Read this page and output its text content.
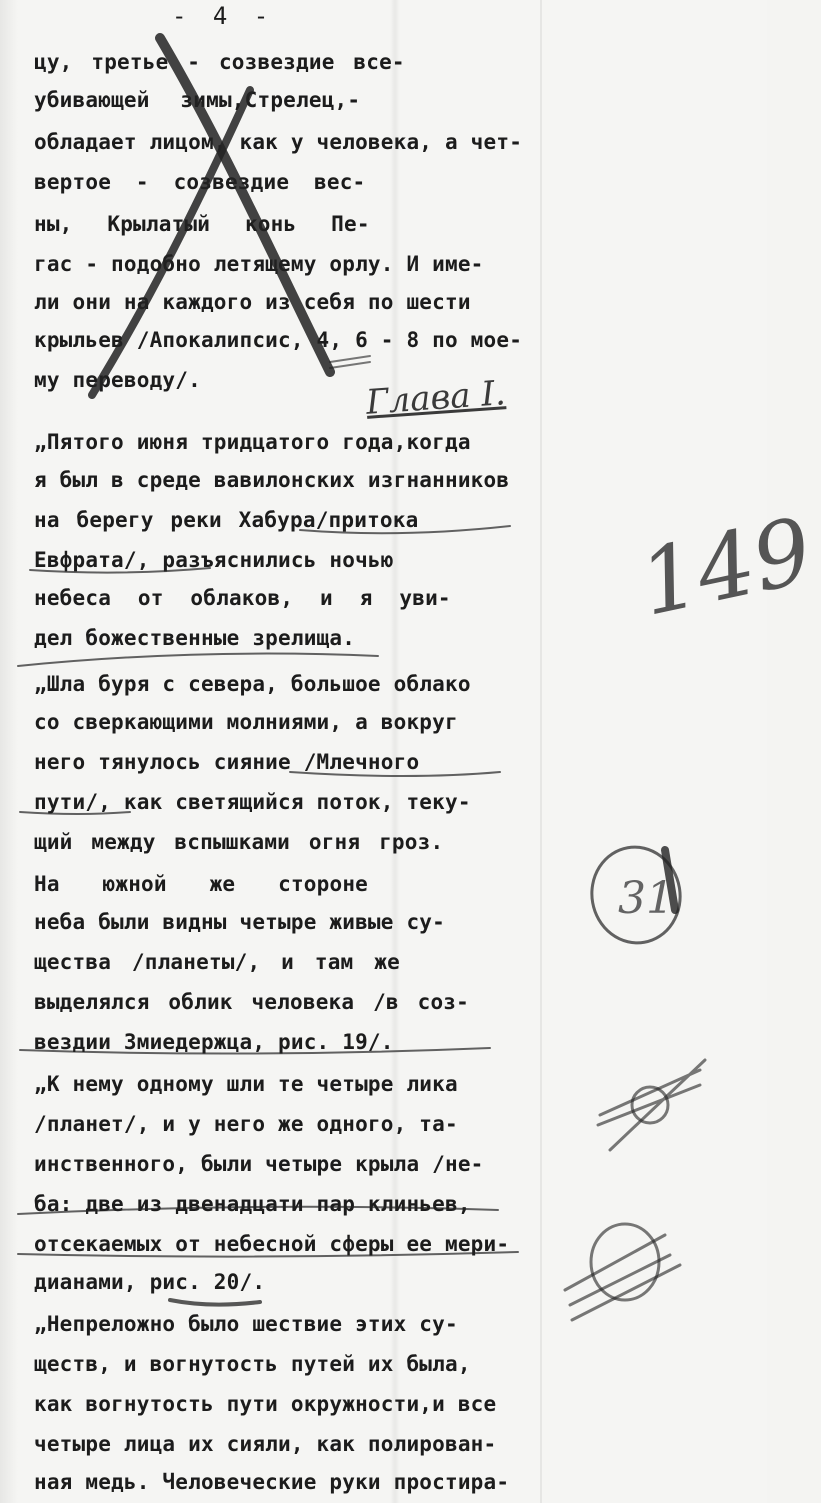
- 4 -

цу, третье - созвездие все-

убивающей зимы,Стрелец,-

обладает лицом, как у человека, а чет-

вертое - созвездие вес-

ны, Крылатый конь Пе-

гас - подобно летящему орлу. И име-

ли они на каждого из себя по шести

крыльев /Апокалипсис, 4, 6 - 8 по мое-

му переводу/.

„Пятого июня тридцатого года,когда

я был в среде вавилонских изгнанников

на берегу реки Хабура/притока

Евфрата/, разъяснились ночью

небеса от облаков, и я уви-

дел божественные зрелища.

„Шла буря с севера, большое облако

со сверкающими молниями, а вокруг

него тянулось сияние /Млечного

пути/, как светящийся поток, теку-

щий между вспышками огня гроз.

На южной же стороне

неба были видны четыре живые су-

щества /планеты/, и там же

выделялся облик человека /в соз-

вездии Змиедержца, рис. 19/.

„К нему одному шли те четыре лика

/планет/, и у него же одного, та-

инственного, были четыре крыла /не-

ба: две из двенадцати пар клиньев,

отсекаемых от небесной сферы ее мери-

дианами, рис. 20/.

„Непреложно было шествие этих су-

ществ, и вогнутость путей их была,

как вогнутость пути окружности,и все

четыре лица их сияли, как полирован-

ная медь. Человеческие руки простира-

Глава I.
149
31
